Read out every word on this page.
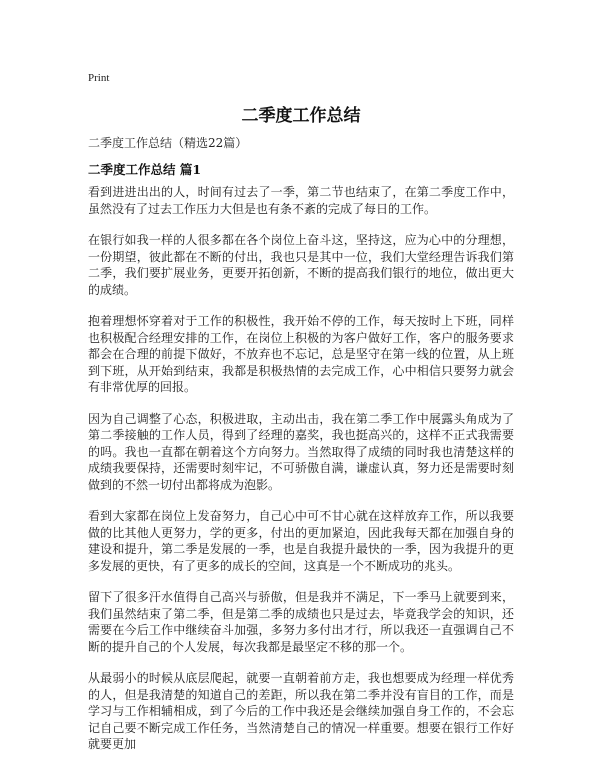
Print
二季度工作总结
二季度工作总结（精选22篇）
二季度工作总结 篇1

看到进进出出的人，时间有过去了一季，第二节也结束了，在第二季度工作中，虽然没有了过去工作压力大但是也有条不紊的完成了每日的工作。

在银行如我一样的人很多都在各个岗位上奋斗这，坚持这，应为心中的分理想，一份期望，彼此都在不断的付出，我也只是其中一位，我们大堂经理告诉我们第二季，我们要扩展业务，更要开拓创新，不断的提高我们银行的地位，做出更大的成绩。

抱着理想怀穿着对于工作的积极性，我开始不停的工作，每天按时上下班，同样也积极配合经理安排的工作，在岗位上积极的为客户做好工作，客户的服务要求都会在合理的前提下做好，不放弃也不忘记，总是坚守在第一线的位置，从上班到下班，从开始到结束，我都是积极热情的去完成工作，心中相信只要努力就会有非常优厚的回报。

因为自己调整了心态，积极进取，主动出击，我在第二季工作中展露头角成为了第二季接触的工作人员，得到了经理的嘉奖，我也挺高兴的，这样不正式我需要的吗。我也一直都在朝着这个方向努力。当然取得了成绩的同时我也清楚这样的成绩我要保持，还需要时刻牢记，不可骄傲自满，谦虚认真，努力还是需要时刻做到的不然一切付出都将成为泡影。

看到大家都在岗位上发奋努力，自己心中可不甘心就在这样放弃工作，所以我要做的比其他人更努力，学的更多，付出的更加紧迫，因此我每天都在加强自身的建设和提升，第二季是发展的一季，也是自我提升最快的一季，因为我提升的更多发展的更快，有了更多的成长的空间，这真是一个不断成功的兆头。

留下了很多汗水值得自己高兴与骄傲，但是我并不满足，下一季马上就要到来，我们虽然结束了第二季，但是第二季的成绩也只是过去，毕竟我学会的知识，还需要在今后工作中继续奋斗加强，多努力多付出才行，所以我还一直强调自己不断的提升自己的个人发展，每次我都是最坚定不移的那一个。

从最弱小的时候从底层爬起，就要一直朝着前方走，我也想要成为经理一样优秀的人，但是我清楚的知道自己的差距，所以我在第二季并没有盲目的工作，而是学习与工作相辅相成，到了今后的工作中我还是会继续加强自身工作的，不会忘记自己要不断完成工作任务，当然清楚自己的情况一样重要。想要在银行工作好就要更加
